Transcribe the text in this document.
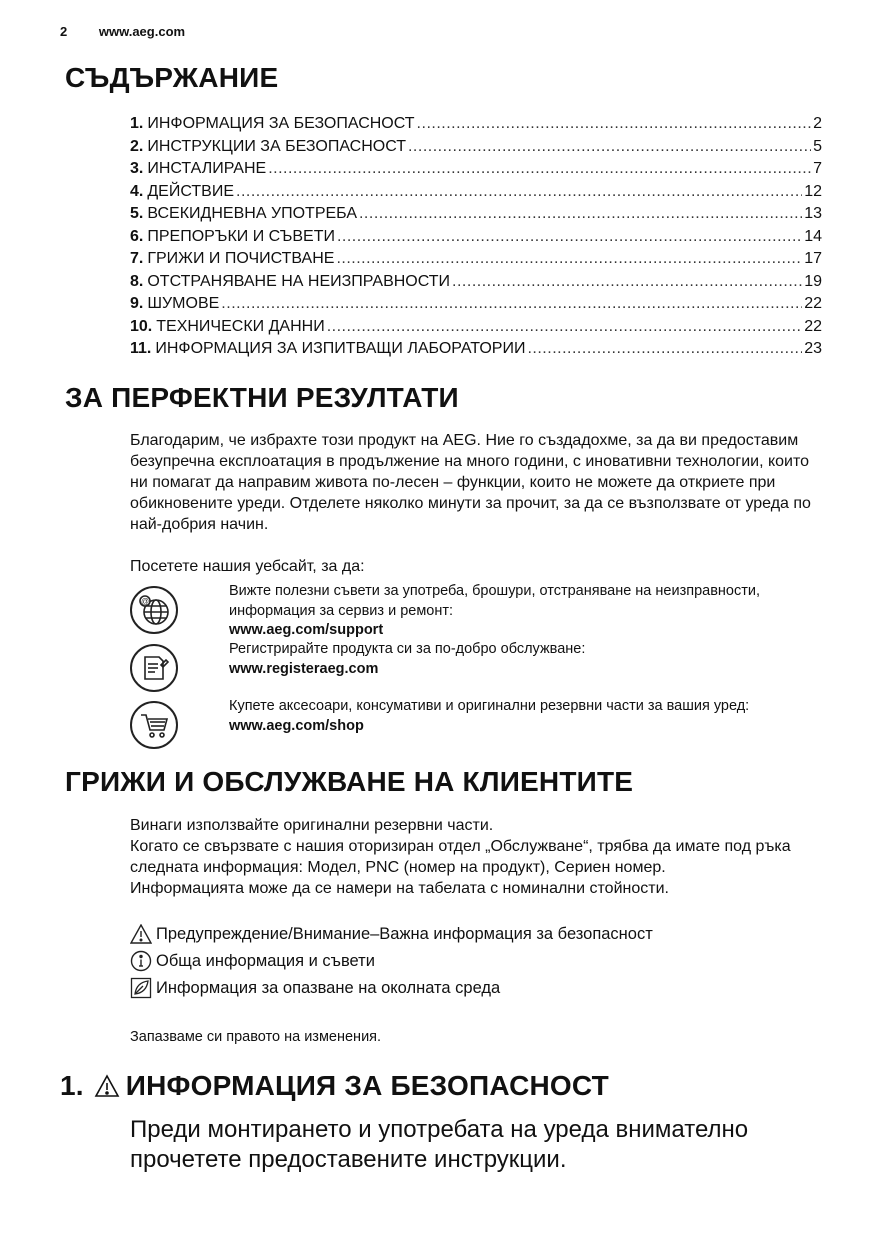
2 www.aeg.com
СЪДЪРЖАНИЕ
1. ИНФОРМАЦИЯ ЗА БЕЗОПАСНОСТ .....	2
2. ИНСТРУКЦИИ ЗА БЕЗОПАСНОСТ .....	5
3. ИНСТАЛИРАНЕ .....	7
4. ДЕЙСТВИЕ .....	12
5. ВСЕКИДНЕВНА УПОТРЕБА .....	13
6. ПРЕПОРЪКИ И СЪВЕТИ .....	14
7. ГРИЖИ И ПОЧИСТВАНЕ .....	17
8. ОТСТРАНЯВАНЕ НА НЕИЗПРАВНОСТИ .....	19
9. ШУМОВЕ .....	22
10. ТЕХНИЧЕСКИ ДАННИ .....	22
11. ИНФОРМАЦИЯ ЗА ИЗПИТВАЩИ ЛАБОРАТОРИИ .....	23
ЗА ПЕРФЕКТНИ РЕЗУЛТАТИ
Благодарим, че избрахте този продукт на AEG. Ние го създадохме, за да ви предоставим безупречна експлоатация в продължение на много години, с иновативни технологии, които ни помагат да направим живота по-лесен – функции, които не можете да откриете при обикновените уреди. Отделете няколко минути за прочит, за да се възползвате от уреда по най-добрия начин.
Посетете нашия уебсайт, за да:
@
Вижте полезни съвети за употреба, брошури, отстраняване на неизправности, информация за сервиз и ремонт:
www.aeg.com/support
Регистрирайте продукта си за по-добро обслужване:
www.registeraeg.com
Купете аксесоари, консумативи и оригинални резервни части за вашия уред:
www.aeg.com/shop
ГРИЖИ И ОБСЛУЖВАНЕ НА КЛИЕНТИТЕ
Винаги използвайте оригинални резервни части.
Когато се свързвате с нашия оторизиран отдел „Обслужване“, трябва да имате под ръка следната информация: Модел, PNC (номер на продукт), Сериен номер.
Информацията може да се намери на табелата с номинални стойности.
Предупреждение/Внимание–Важна информация за безопасност
Обща информация и съвети
Информация за опазване на околната среда
Запазваме си правото на изменения.
1. ИНФОРМАЦИЯ ЗА БЕЗОПАСНОСТ
Преди монтирането и употребата на уреда внимателно прочетете предоставените инструкции.
